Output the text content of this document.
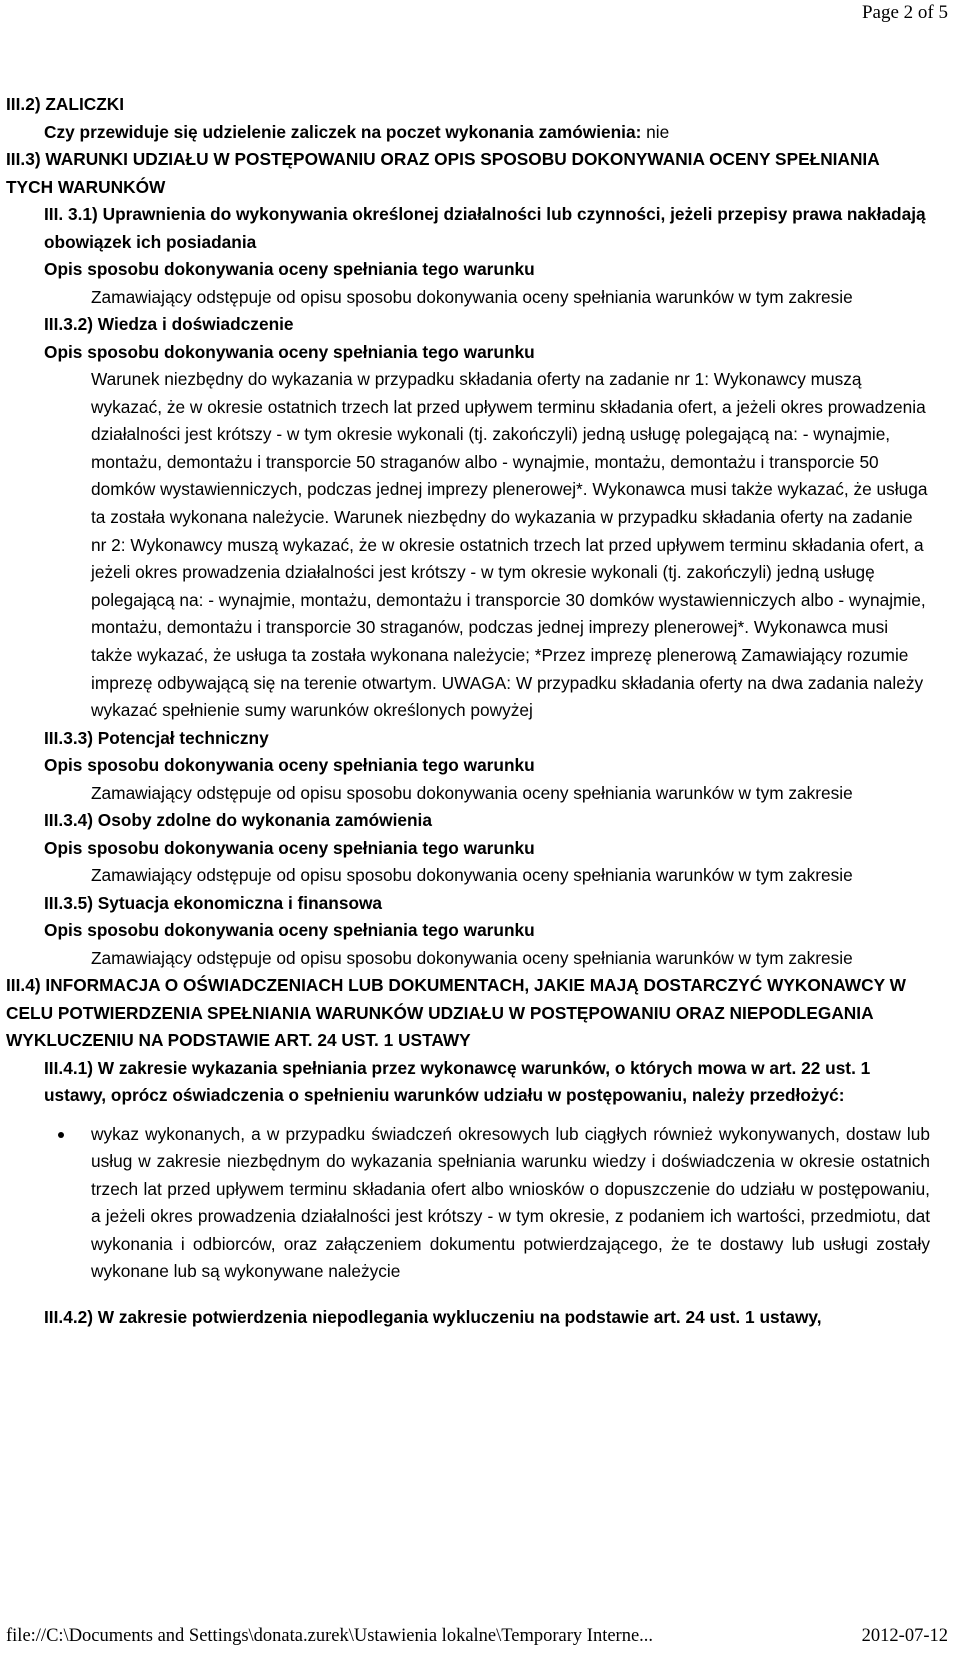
Page 2 of 5
III.2) ZALICZKI
Czy przewiduje się udzielenie zaliczek na poczet wykonania zamówienia: nie
III.3) WARUNKI UDZIAŁU W POSTĘPOWANIU ORAZ OPIS SPOSOBU DOKONYWANIA OCENY SPEŁNIANIA TYCH WARUNKÓW
III. 3.1) Uprawnienia do wykonywania określonej działalności lub czynności, jeżeli przepisy prawa nakładają obowiązek ich posiadania
Opis sposobu dokonywania oceny spełniania tego warunku
Zamawiający odstępuje od opisu sposobu dokonywania oceny spełniania warunków w tym zakresie
III.3.2) Wiedza i doświadczenie
Opis sposobu dokonywania oceny spełniania tego warunku
Warunek niezbędny do wykazania w przypadku składania oferty na zadanie nr 1: Wykonawcy muszą wykazać, że w okresie ostatnich trzech lat przed upływem terminu składania ofert, a jeżeli okres prowadzenia działalności jest krótszy - w tym okresie wykonali (tj. zakończyli) jedną usługę polegającą na: - wynajmie, montażu, demontażu i transporcie 50 straganów albo - wynajmie, montażu, demontażu i transporcie 50 domków wystawienniczych, podczas jednej imprezy plenerowej*. Wykonawca musi także wykazać, że usługa ta została wykonana należycie. Warunek niezbędny do wykazania w przypadku składania oferty na zadanie nr 2: Wykonawcy muszą wykazać, że w okresie ostatnich trzech lat przed upływem terminu składania ofert, a jeżeli okres prowadzenia działalności jest krótszy - w tym okresie wykonali (tj. zakończyli) jedną usługę polegającą na: - wynajmie, montażu, demontażu i transporcie 30 domków wystawienniczych albo - wynajmie, montażu, demontażu i transporcie 30 straganów, podczas jednej imprezy plenerowej*. Wykonawca musi także wykazać, że usługa ta została wykonana należycie; *Przez imprezę plenerową Zamawiający rozumie imprezę odbywającą się na terenie otwartym. UWAGA: W przypadku składania oferty na dwa zadania należy wykazać spełnienie sumy warunków określonych powyżej
III.3.3) Potencjał techniczny
Opis sposobu dokonywania oceny spełniania tego warunku
Zamawiający odstępuje od opisu sposobu dokonywania oceny spełniania warunków w tym zakresie
III.3.4) Osoby zdolne do wykonania zamówienia
Opis sposobu dokonywania oceny spełniania tego warunku
Zamawiający odstępuje od opisu sposobu dokonywania oceny spełniania warunków w tym zakresie
III.3.5) Sytuacja ekonomiczna i finansowa
Opis sposobu dokonywania oceny spełniania tego warunku
Zamawiający odstępuje od opisu sposobu dokonywania oceny spełniania warunków w tym zakresie
III.4) INFORMACJA O OŚWIADCZENIACH LUB DOKUMENTACH, JAKIE MAJĄ DOSTARCZYĆ WYKONAWCY W CELU POTWIERDZENIA SPEŁNIANIA WARUNKÓW UDZIAŁU W POSTĘPOWANIU ORAZ NIEPODLEGANIA WYKLUCZENIU NA PODSTAWIE ART. 24 UST. 1 USTAWY
III.4.1) W zakresie wykazania spełniania przez wykonawcę warunków, o których mowa w art. 22 ust. 1 ustawy, oprócz oświadczenia o spełnieniu warunków udziału w postępowaniu, należy przedłożyć:
wykaz wykonanych, a w przypadku świadczeń okresowych lub ciągłych również wykonywanych, dostaw lub usług w zakresie niezbędnym do wykazania spełniania warunku wiedzy i doświadczenia w okresie ostatnich trzech lat przed upływem terminu składania ofert albo wniosków o dopuszczenie do udziału w postępowaniu, a jeżeli okres prowadzenia działalności jest krótszy - w tym okresie, z podaniem ich wartości, przedmiotu, dat wykonania i odbiorców, oraz załączeniem dokumentu potwierdzającego, że te dostawy lub usługi zostały wykonane lub są wykonywane należycie
III.4.2) W zakresie potwierdzenia niepodlegania wykluczeniu na podstawie art. 24 ust. 1 ustawy,
file://C:\Documents and Settings\donata.zurek\Ustawienia lokalne\Temporary Interne...	2012-07-12
